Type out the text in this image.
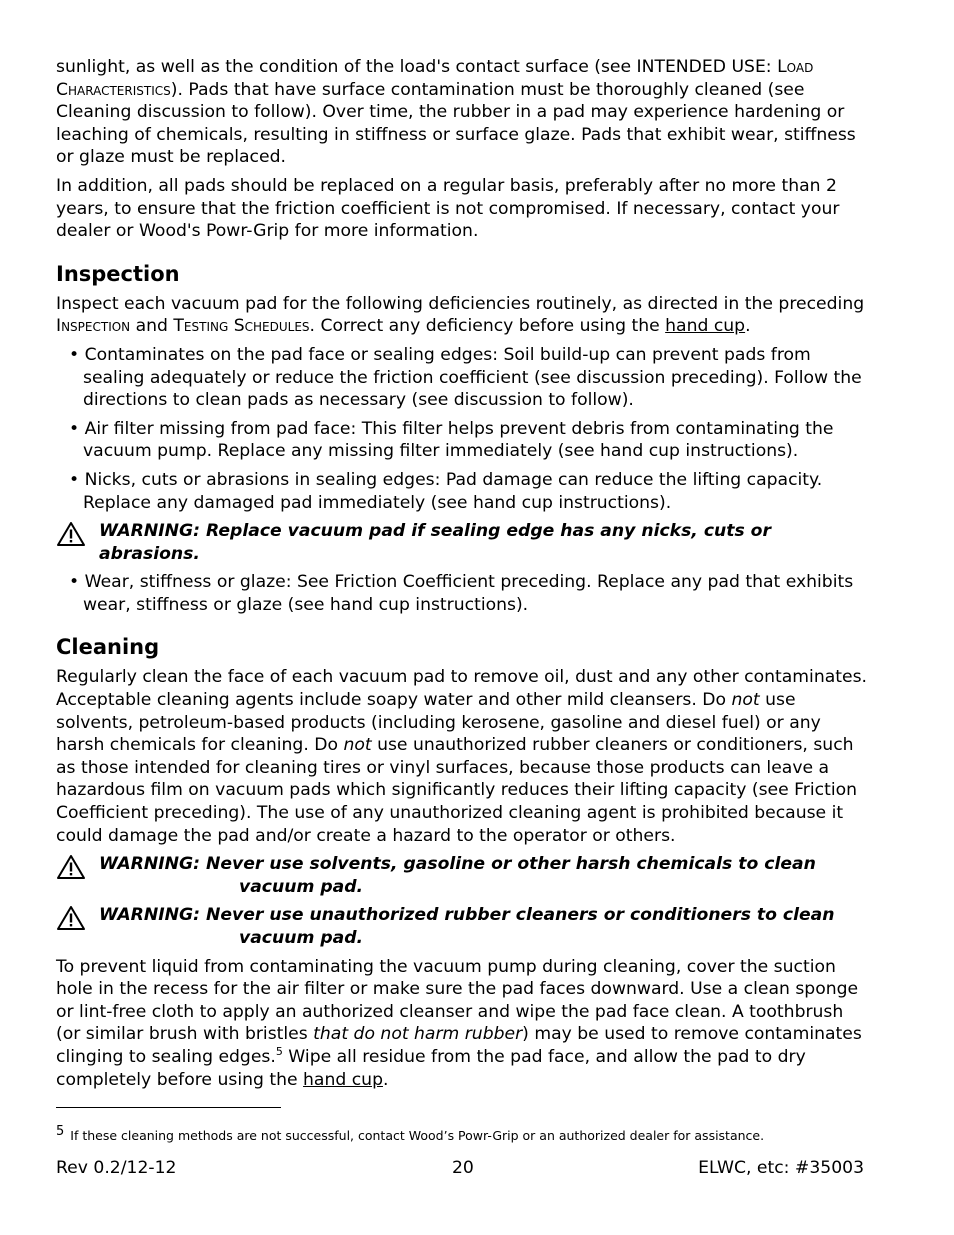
sunlight, as well as the condition of the load's contact surface (see INTENDED USE: Load Characteristics). Pads that have surface contamination must be thoroughly cleaned (see Cleaning discussion to follow). Over time, the rubber in a pad may experience hardening or leaching of chemicals, resulting in stiffness or surface glaze. Pads that exhibit wear, stiffness or glaze must be replaced.

In addition, all pads should be replaced on a regular basis, preferably after no more than 2 years, to ensure that the friction coefficient is not compromised. If necessary, contact your dealer or Wood's Powr-Grip for more information.

Inspection

Inspect each vacuum pad for the following deficiencies routinely, as directed in the preceding Inspection and Testing Schedules. Correct any deficiency before using the hand cup.

• Contaminates on the pad face or sealing edges: Soil build-up can prevent pads from sealing adequately or reduce the friction coefficient (see discussion preceding). Follow the directions to clean pads as necessary (see discussion to follow).

• Air filter missing from pad face: This filter helps prevent debris from contaminating the vacuum pump. Replace any missing filter immediately (see hand cup instructions).

• Nicks, cuts or abrasions in sealing edges: Pad damage can reduce the lifting capacity. Replace any damaged pad immediately (see hand cup instructions).

WARNING: Replace vacuum pad if sealing edge has any nicks, cuts or abrasions.

• Wear, stiffness or glaze: See Friction Coefficient preceding. Replace any pad that exhibits wear, stiffness or glaze (see hand cup instructions).

Cleaning

Regularly clean the face of each vacuum pad to remove oil, dust and any other contaminates. Acceptable cleaning agents include soapy water and other mild cleansers. Do not use solvents, petroleum-based products (including kerosene, gasoline and diesel fuel) or any harsh chemicals for cleaning. Do not use unauthorized rubber cleaners or conditioners, such as those intended for cleaning tires or vinyl surfaces, because those products can leave a hazardous film on vacuum pads which significantly reduces their lifting capacity (see Friction Coefficient preceding). The use of any unauthorized cleaning agent is prohibited because it could damage the pad and/or create a hazard to the operator or others.

WARNING: Never use solvents, gasoline or other harsh chemicals to clean
vacuum pad.
WARNING: Never use unauthorized rubber cleaners or conditioners to clean
vacuum pad.

To prevent liquid from contaminating the vacuum pump during cleaning, cover the suction hole in the recess for the air filter or make sure the pad faces downward. Use a clean sponge or lint-free cloth to apply an authorized cleanser and wipe the pad face clean. A toothbrush (or similar brush with bristles that do not harm rubber) may be used to remove contaminates clinging to sealing edges.$^5$ Wipe all residue from the pad face, and allow the pad to dry completely before using the hand cup.

$^5$ If these cleaning methods are not successful, contact Wood’s Powr-Grip or an authorized dealer for assistance.
Rev 0.2/12-12	20	ELWC, etc: #35003
